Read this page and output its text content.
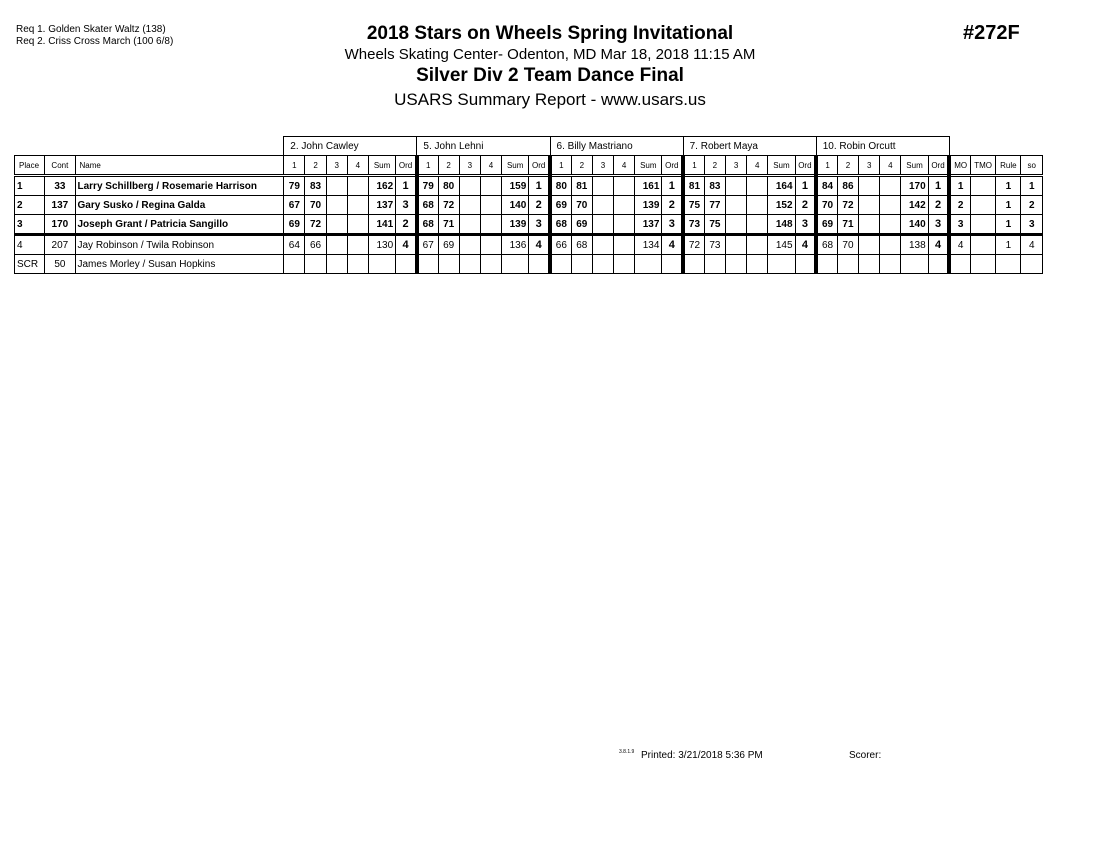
Req 1. Golden Skater Waltz (138)
Req 2. Criss Cross March (100 6/8)	2018 Stars on Wheels Spring Invitational
Wheels Skating Center- Odenton, MD Mar 18, 2018 11:15 AM
Silver Div 2 Team Dance Final
USARS Summary Report - www.usars.us
#272F
			2. John Cawley						5. John Lehni						6. Billy Mastriano						7. Robert Maya						10. Robin Orcutt									
Place	Cont	Name	1	2	3	4	Sum	Ord	1	2	3	4	Sum	Ord	1	2	3	4	Sum	Ord	1	2	3	4	Sum	Ord	1	2	3	4	Sum	Ord	MO	TMO	Rule	so
1	33	Larry Schillberg / Rosemarie Harrison	79	83			162	1	79	80			159	1	80	81			161	1	81	83			164	1	84	86			170	1	1		1	1
2	137	Gary Susko / Regina Galda	67	70			137	3	68	72			140	2	69	70			139	2	75	77			152	2	70	72			142	2	2		1	2
3	170	Joseph Grant / Patricia Sangillo	69	72			141	2	68	71			139	3	68	69			137	3	73	75			148	3	69	71			140	3	3		1	3
4	207	Jay Robinson / Twila Robinson	64	66			130	4	67	69			136	4	66	68			134	4	72	73			145	4	68	70			138	4	4		1	4
SCR	50	James Morley / Susan Hopkins																																		
3.8.1.9 Printed: 3/21/2018 5:36 PM	Scorer:
